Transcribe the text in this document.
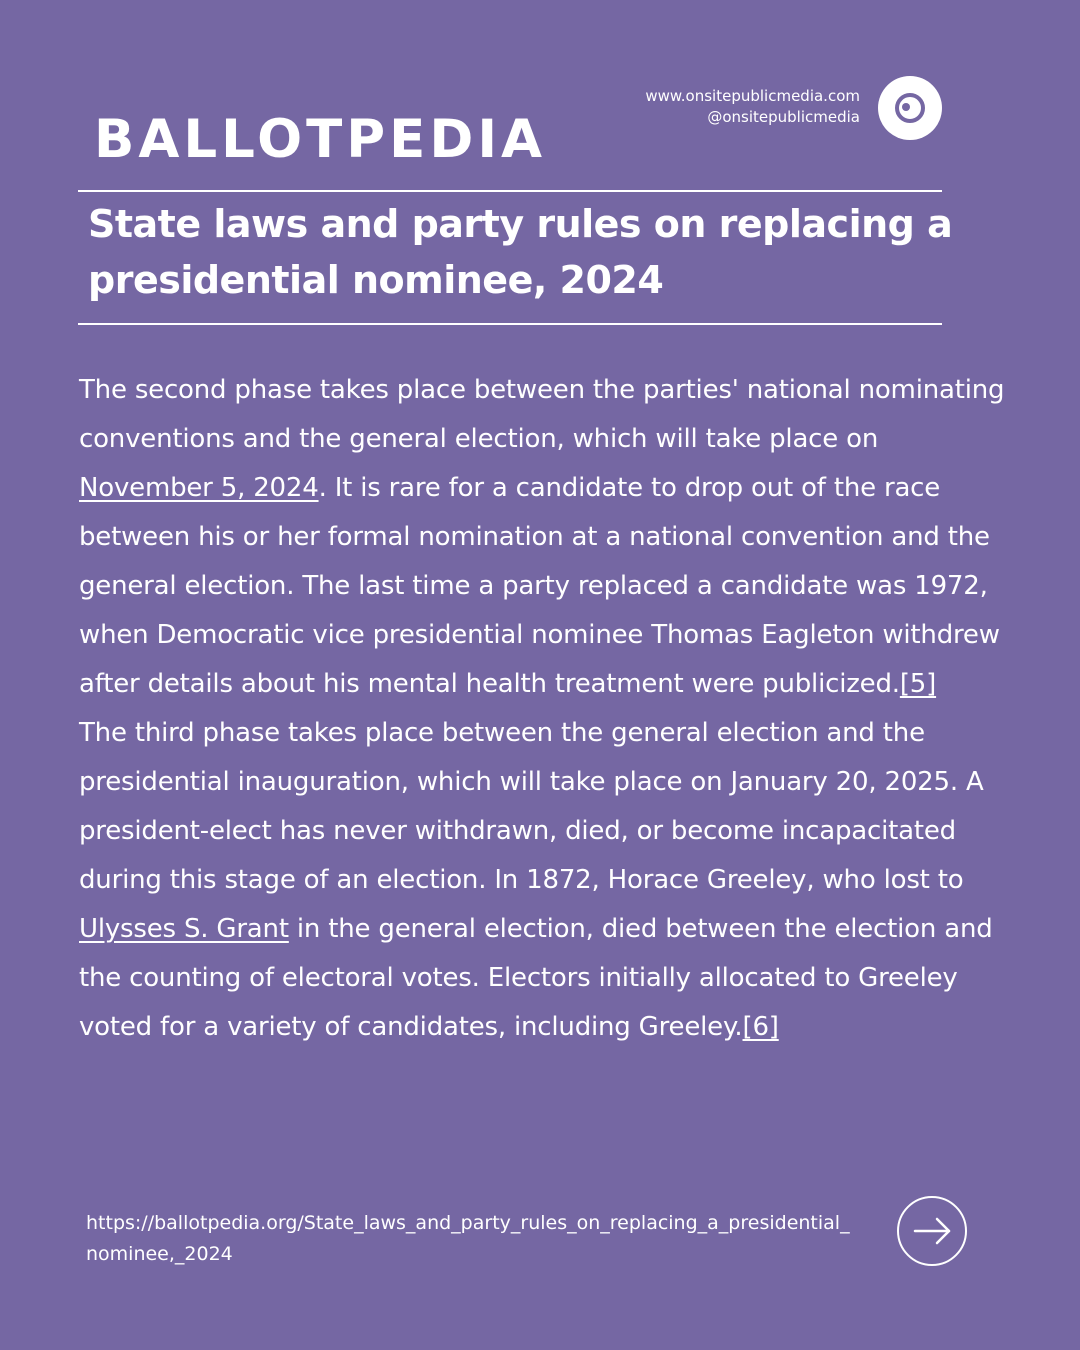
www.onsitepublicmedia.com
@onsitepublicmedia
BALLOTPEDIA
State laws and party rules on replacing a presidential nominee, 2024

The second phase takes place between the parties' national nominating conventions and the general election, which will take place on November 5, 2024. It is rare for a candidate to drop out of the race between his or her formal nomination at a national convention and the general election. The last time a party replaced a candidate was 1972, when Democratic vice presidential nominee Thomas Eagleton withdrew after details about his mental health treatment were publicized.[5]

The third phase takes place between the general election and the presidential inauguration, which will take place on January 20, 2025. A president-elect has never withdrawn, died, or become incapacitated during this stage of an election. In 1872, Horace Greeley, who lost to Ulysses S. Grant in the general election, died between the election and the counting of electoral votes. Electors initially allocated to Greeley voted for a variety of candidates, including Greeley.[6]

https://ballotpedia.org/State_laws_and_party_rules_on_replacing_a_presidential_nominee,_2024
